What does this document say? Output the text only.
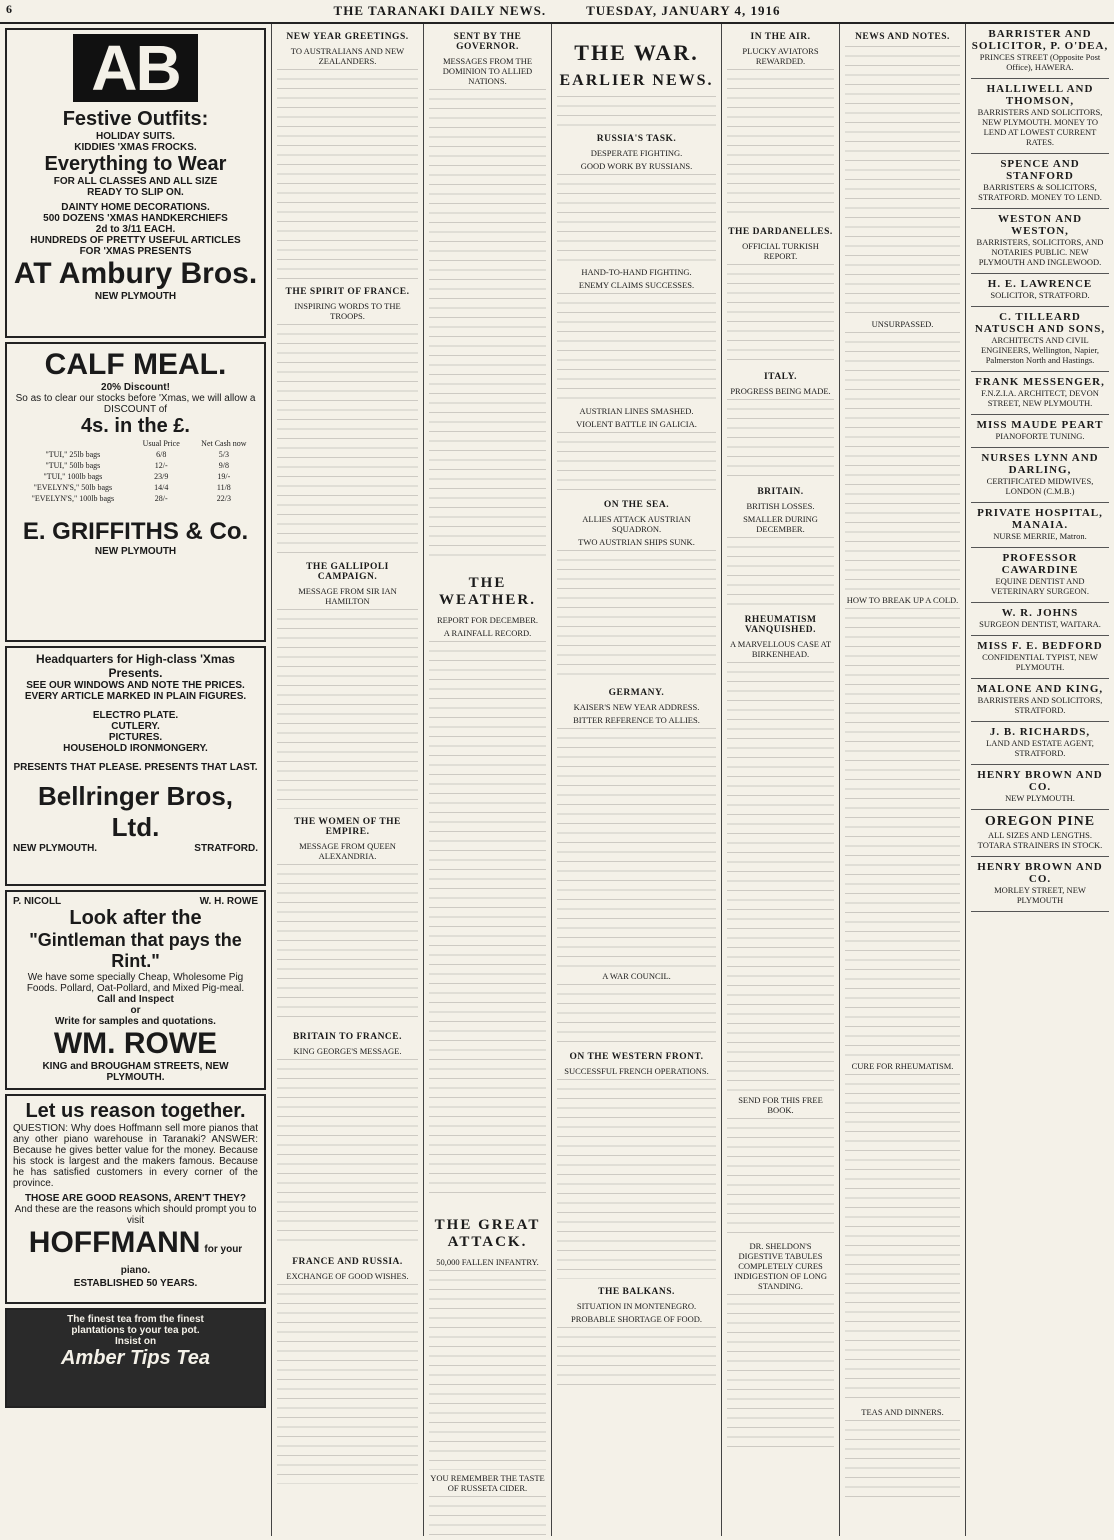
6	THE TARANAKI DAILY NEWS.	TUESDAY, JANUARY 4, 1916
AB
Festive Outfits:
HOLIDAY SUITS.
KIDDIES 'XMAS FROCKS.
Everything to Wear
FOR ALL CLASSES AND ALL SIZE
READY TO SLIP ON.
DAINTY HOME DECORATIONS.
500 DOZENS 'XMAS HANDKERCHIEFS
2d to 3/11 EACH.
HUNDREDS OF PRETTY USEFUL ARTICLES
FOR 'XMAS PRESENTS
AT Ambury Bros.
NEW PLYMOUTH
CALF MEAL.
20% Discount!
So as to clear our stocks before 'Xmas, we will allow a DISCOUNT of
4s. in the £.
	Usual Price	Net Cash now
"TUI," 25lb bags	6/8	5/3
"TUI," 50lb bags	12/-	9/8
"TUI," 100lb bags	23/9	19/-
"EVELYN'S," 50lb bags	14/4	11/8
"EVELYN'S," 100lb bags	28/-	22/3
E. GRIFFITHS & Co.
NEW PLYMOUTH
Headquarters for High-class 'Xmas Presents.
SEE OUR WINDOWS AND NOTE THE PRICES.
EVERY ARTICLE MARKED IN PLAIN FIGURES.
ELECTRO PLATE.
CUTLERY.
PICTURES.
HOUSEHOLD IRONMONGERY.
PRESENTS THAT PLEASE. PRESENTS THAT LAST.
Bellringer Bros, Ltd.
NEW PLYMOUTH.	STRATFORD.
P. NICOLL	W. H. ROWE
Look after the
"Gintleman that pays the Rint."
We have some specially Cheap, Wholesome Pig Foods. Pollard, Oat-Pollard, and Mixed Pig-meal.
Call and Inspect
or
Write for samples and quotations.
WM. ROWE
KING and BROUGHAM STREETS, NEW PLYMOUTH.
Let us reason together.
QUESTION: Why does Hoffmann sell more pianos that any other piano warehouse in Taranaki? ANSWER: Because he gives better value for the money. Because his stock is largest and the makers famous. Because he has satisfied customers in every corner of the province.
THOSE ARE GOOD REASONS, AREN'T THEY?
And these are the reasons which should prompt you to visit
HOFFMANN for your piano.
ESTABLISHED 50 YEARS.
The finest tea from the finest
plantations to your tea pot.
Insist on
Amber Tips Tea
NEW YEAR GREETINGS.
TO AUSTRALIANS AND NEW ZEALANDERS.
THE SPIRIT OF FRANCE.
INSPIRING WORDS TO THE TROOPS.
THE GALLIPOLI CAMPAIGN.
MESSAGE FROM SIR IAN HAMILTON
THE WOMEN OF THE EMPIRE.
MESSAGE FROM QUEEN ALEXANDRIA.
BRITAIN TO FRANCE.
KING GEORGE'S MESSAGE.
FRANCE AND RUSSIA.
EXCHANGE OF GOOD WISHES.
SENT BY THE GOVERNOR.
MESSAGES FROM THE DOMINION TO ALLIED NATIONS.
THE WEATHER.
REPORT FOR DECEMBER.
A RAINFALL RECORD.
THE GREAT ATTACK.
50,000 FALLEN INFANTRY.
YOU REMEMBER THE TASTE OF RUSSETA CIDER.
THE WAR.
EARLIER NEWS.
RUSSIA'S TASK.
DESPERATE FIGHTING.
GOOD WORK BY RUSSIANS.
HAND-TO-HAND FIGHTING.
ENEMY CLAIMS SUCCESSES.
AUSTRIAN LINES SMASHED.
VIOLENT BATTLE IN GALICIA.
ON THE SEA.
ALLIES ATTACK AUSTRIAN SQUADRON.
TWO AUSTRIAN SHIPS SUNK.
GERMANY.
KAISER'S NEW YEAR ADDRESS.
BITTER REFERENCE TO ALLIES.
A WAR COUNCIL.
ON THE WESTERN FRONT.
SUCCESSFUL FRENCH OPERATIONS.
THE BALKANS.
SITUATION IN MONTENEGRO.
PROBABLE SHORTAGE OF FOOD.
IN THE AIR.
PLUCKY AVIATORS REWARDED.
THE DARDANELLES.
OFFICIAL TURKISH REPORT.
ITALY.
PROGRESS BEING MADE.
BRITAIN.
BRITISH LOSSES.
SMALLER DURING DECEMBER.
RHEUMATISM VANQUISHED.
A MARVELLOUS CASE AT BIRKENHEAD.
SEND FOR THIS FREE BOOK.
DR. SHELDON'S DIGESTIVE TABULES COMPLETELY CURES INDIGESTION OF LONG STANDING.
NEWS AND NOTES.
UNSURPASSED.
HOW TO BREAK UP A COLD.
CURE FOR RHEUMATISM.
TEAS AND DINNERS.
BARRISTER AND SOLICITOR, P. O'DEA,
PRINCES STREET (Opposite Post Office), HAWERA.
HALLIWELL AND THOMSON,
BARRISTERS AND SOLICITORS, NEW PLYMOUTH. MONEY TO LEND AT LOWEST CURRENT RATES.
SPENCE AND STANFORD
BARRISTERS & SOLICITORS, STRATFORD. MONEY TO LEND.
WESTON AND WESTON,
BARRISTERS, SOLICITORS, AND NOTARIES PUBLIC. NEW PLYMOUTH AND INGLEWOOD.
H. E. LAWRENCE
SOLICITOR, STRATFORD.
C. TILLEARD NATUSCH AND SONS,
ARCHITECTS AND CIVIL ENGINEERS, Wellington, Napier, Palmerston North and Hastings.
FRANK MESSENGER,
F.N.Z.I.A. ARCHITECT, DEVON STREET, NEW PLYMOUTH.
MISS MAUDE PEART
PIANOFORTE TUNING.
NURSES LYNN AND DARLING,
CERTIFICATED MIDWIVES, LONDON (C.M.B.)
PRIVATE HOSPITAL, MANAIA.
NURSE MERRIE, Matron.
PROFESSOR CAWARDINE
EQUINE DENTIST AND VETERINARY SURGEON.
W. R. JOHNS
SURGEON DENTIST, WAITARA.
MISS F. E. BEDFORD
CONFIDENTIAL TYPIST, NEW PLYMOUTH.
MALONE AND KING,
BARRISTERS AND SOLICITORS, STRATFORD.
J. B. RICHARDS,
LAND AND ESTATE AGENT, STRATFORD.
HENRY BROWN AND CO.
NEW PLYMOUTH.
OREGON PINE
ALL SIZES AND LENGTHS. TOTARA STRAINERS IN STOCK.
HENRY BROWN AND CO.
MORLEY STREET, NEW PLYMOUTH
